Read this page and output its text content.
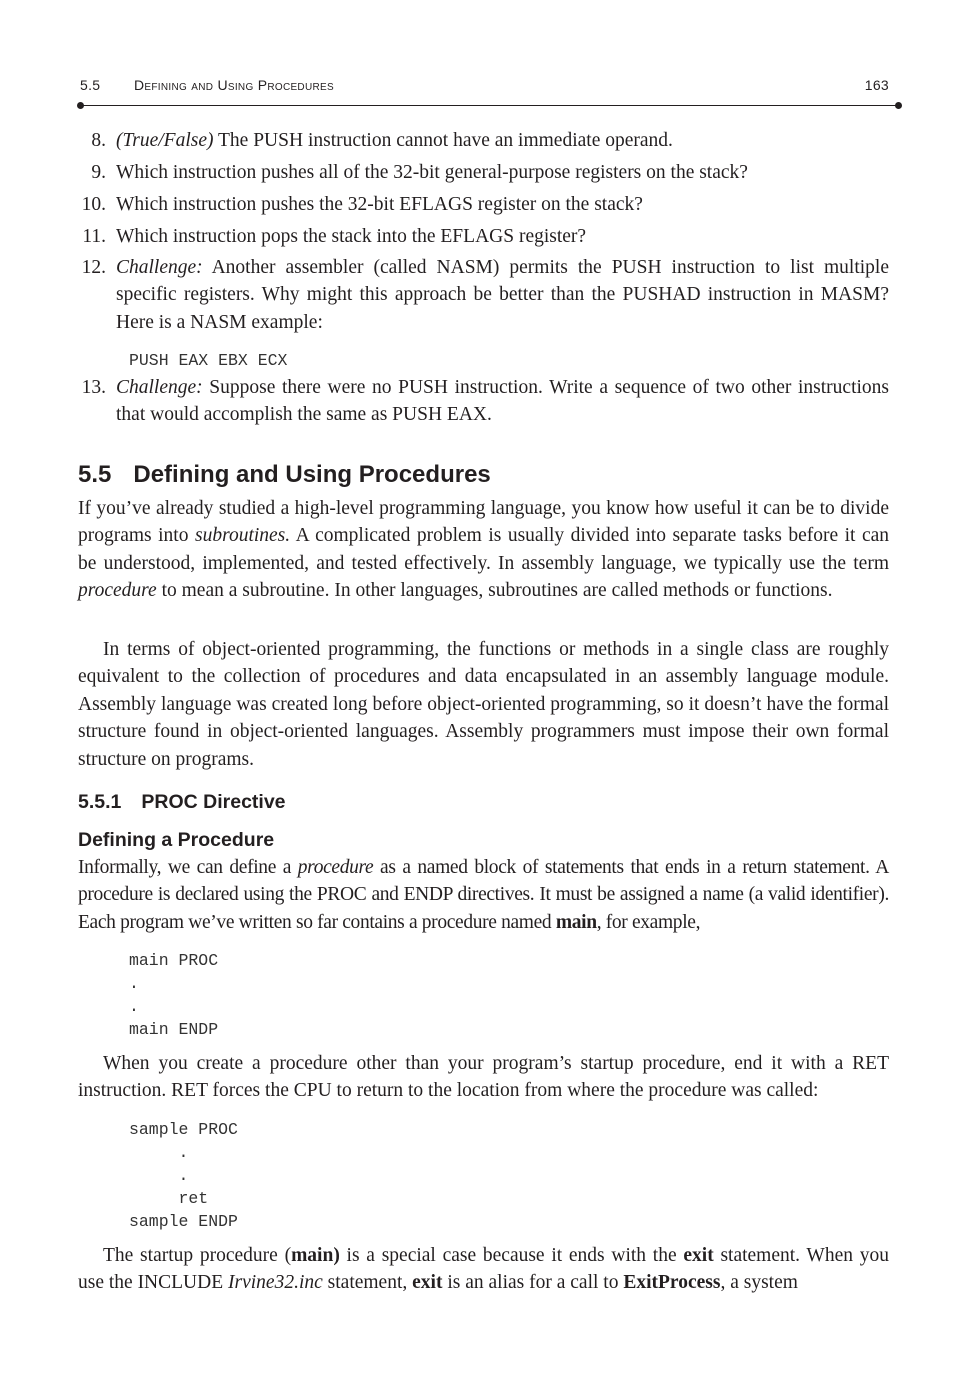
5.5 Defining and Using Procedures	163
8. (True/False) The PUSH instruction cannot have an immediate operand.
9. Which instruction pushes all of the 32-bit general-purpose registers on the stack?
10. Which instruction pushes the 32-bit EFLAGS register on the stack?
11. Which instruction pops the stack into the EFLAGS register?
12. Challenge: Another assembler (called NASM) permits the PUSH instruction to list multiple specific registers. Why might this approach be better than the PUSHAD instruction in MASM? Here is a NASM example:
PUSH EAX EBX ECX
13. Challenge: Suppose there were no PUSH instruction. Write a sequence of two other instructions that would accomplish the same as PUSH EAX.
5.5 Defining and Using Procedures
If you’ve already studied a high-level programming language, you know how useful it can be to divide programs into subroutines. A complicated problem is usually divided into separate tasks before it can be understood, implemented, and tested effectively. In assembly language, we typically use the term procedure to mean a subroutine. In other languages, subroutines are called methods or functions.
In terms of object-oriented programming, the functions or methods in a single class are roughly equivalent to the collection of procedures and data encapsulated in an assembly language module. Assembly language was created long before object-oriented programming, so it doesn’t have the formal structure found in object-oriented languages. Assembly programmers must impose their own formal structure on programs.
5.5.1 PROC Directive
Defining a Procedure
Informally, we can define a procedure as a named block of statements that ends in a return statement. A procedure is declared using the PROC and ENDP directives. It must be assigned a name (a valid identifier). Each program we’ve written so far contains a procedure named main, for example,
main PROC
.
.
main ENDP
When you create a procedure other than your program’s startup procedure, end it with a RET instruction. RET forces the CPU to return to the location from where the procedure was called:
sample PROC
.
.
ret
sample ENDP
The startup procedure (main) is a special case because it ends with the exit statement. When you use the INCLUDE Irvine32.inc statement, exit is an alias for a call to ExitProcess, a system
